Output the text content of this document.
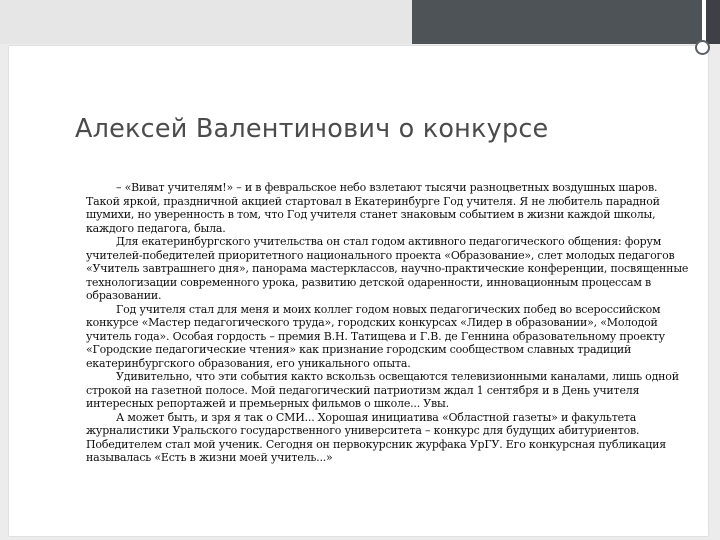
Алексей Валентинович о конкурсе

– «Виват учителям!» – и в февральское небо взлетают тысячи разноцветных воздушных шаров. Такой яркой, праздничной акцией стартовал в Екатеринбурге Год учителя. Я не любитель парадной шумихи, но уверенность в том, что Год учителя станет знаковым событием в жизни каждой школы, каждого педагога, была.

Для екатеринбургского учительства он стал годом активного педагогического общения: форум учителей-победителей приоритетного национального проекта «Образование», слет молодых педагогов «Учитель завтрашнего дня», панорама мастерклассов, научно-практические конференции, посвященные технологизации современного урока, развитию детской одаренности, инновационным процессам в образовании.

Год учителя стал для меня и моих коллег годом новых педагогических побед во всероссийском конкурсе «Мастер педагогического труда», городских конкурсах «Лидер в образовании», «Молодой учитель года». Особая гордость – премия В.Н. Татищева и Г.В. де Геннина образовательному проекту «Городские педагогические чтения» как признание городским сообществом славных традиций екатеринбургского образования, его уникального опыта.

Удивительно, что эти события както вскользь освещаются телевизионными каналами, лишь одной строкой на газетной полосе. Мой педагогический патриотизм ждал 1 сентября и в День учителя интересных репортажей и премьерных фильмов о школе... Увы.

А может быть, и зря я так о СМИ... Хорошая инициатива «Областной газеты» и факультета журналистики Уральского государственного университета – конкурс для будущих абитуриентов. Победителем стал мой ученик. Сегодня он первокурсник журфака УрГУ. Его конкурсная публикация называлась «Есть в жизни моей учитель...»
